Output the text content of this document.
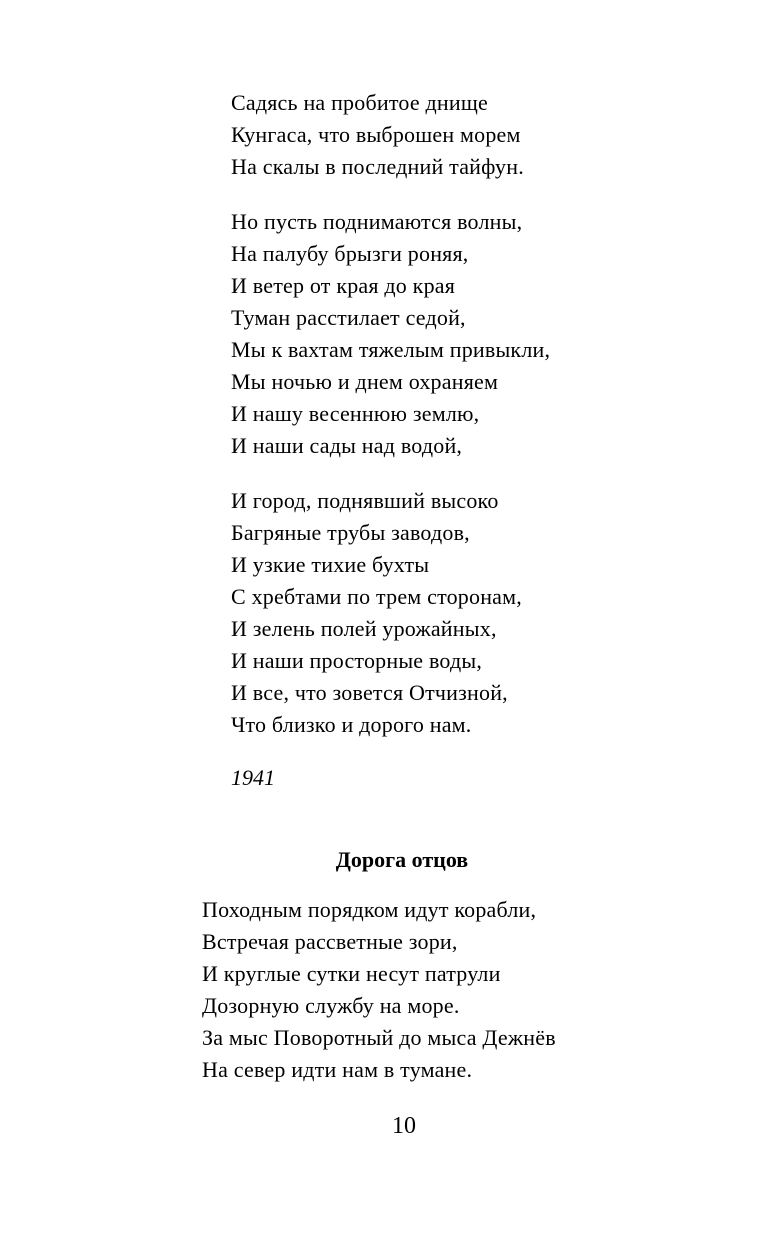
Садясь на пробитое днище
Кунгаса, что выброшен морем
На скалы в последний тайфун.
Но пусть поднимаются волны,
На палубу брызги роняя,
И ветер от края до края
Туман расстилает седой,
Мы к вахтам тяжелым привыкли,
Мы ночью и днем охраняем
И нашу весеннюю землю,
И наши сады над водой,
И город, поднявший высоко
Багряные трубы заводов,
И узкие тихие бухты
С хребтами по трем сторонам,
И зелень полей урожайных,
И наши просторные воды,
И все, что зовется Отчизной,
Что близко и дорого нам.
1941
Дорога отцов
Походным порядком идут корабли,
Встречая рассветные зори,
И круглые сутки несут патрули
Дозорную службу на море.
За мыс Поворотный до мыса Дежнёв
На север идти нам в тумане.
10
